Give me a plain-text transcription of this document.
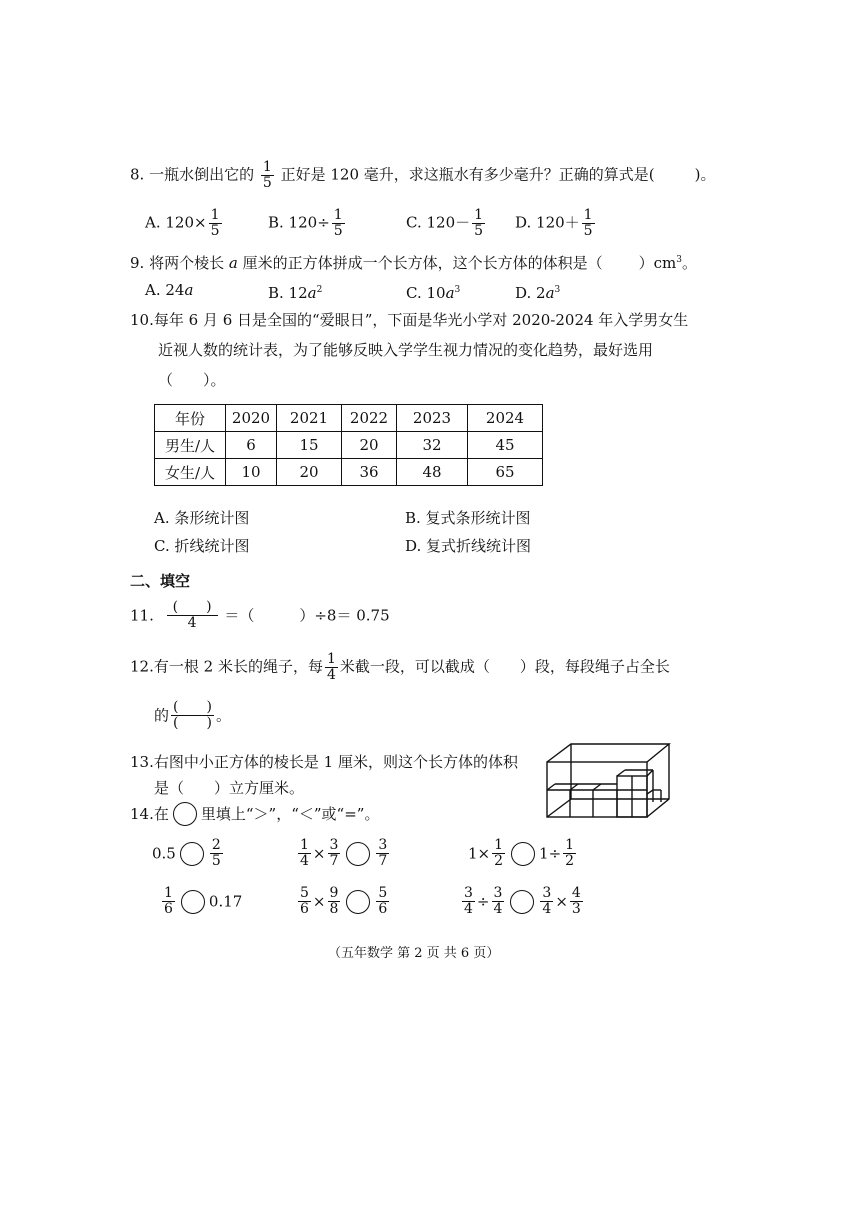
8. 一瓶水倒出它的 $\frac{1}{5}$ 正好是 120 毫升，求这瓶水有多少毫升？正确的算式是(	)。
A. $120\times \frac{1}{5}$	B. $120\div \frac{1}{5}$	C. $120- \frac{1}{5} D$. $120+ \frac{1}{5}$
9. 将两个棱长 a 厘米的正方体拼成一个长方体，这个长方体的体积是（ ）$cm^3$。
A. 24a	B. $12a^2$	C. $10a^3$	D. $2a^3$
10.每年 6 月 6 日是全国的“爱眼日”，下面是华光小学对 2020-2024 年入学男女生
近视人数的统计表，为了能够反映入学学生视力情况的变化趋势，最好选用
（　　）。
年份	2020	2021	2022	2023	2024
男生/人	6	15	20	32	45
女生/人	10	20	36	48	65
A. 条形统计图	B. 复式条形统计图
C. 折线统计图	D. 复式折线统计图
二、填空
11. $\frac{( )}{4}$ ＝（　　　）÷8＝ 0.75
12.有一根 2 米长的绳子，每 $\frac{1}{4}$ 米截一段，可以截成（　　）段，每段绳子占全长
的 $\frac{( )}{( )}$ 。
13.右图中小正方体的棱长是 1 厘米，则这个长方体的体积
是（　　）立方厘米。
14.在 里填上“＞”，“＜”或“=”。
$0.5 \frac{2}{5}$	$\frac{1}{4} \times \frac{3}{7}$	$\frac{3}{7}$	$1\times \frac{1}{2} 1\div \frac{1}{2}$
$\frac{1}{6} 0.17$	$\frac{5}{6} \times \frac{9}{8}$	$\frac{5}{6}$	$\frac{3}{4} \div \frac{3}{4}$	$\frac{3}{4} \times \frac{4}{3}$
（五年数学 第 2 页 共 6 页）
